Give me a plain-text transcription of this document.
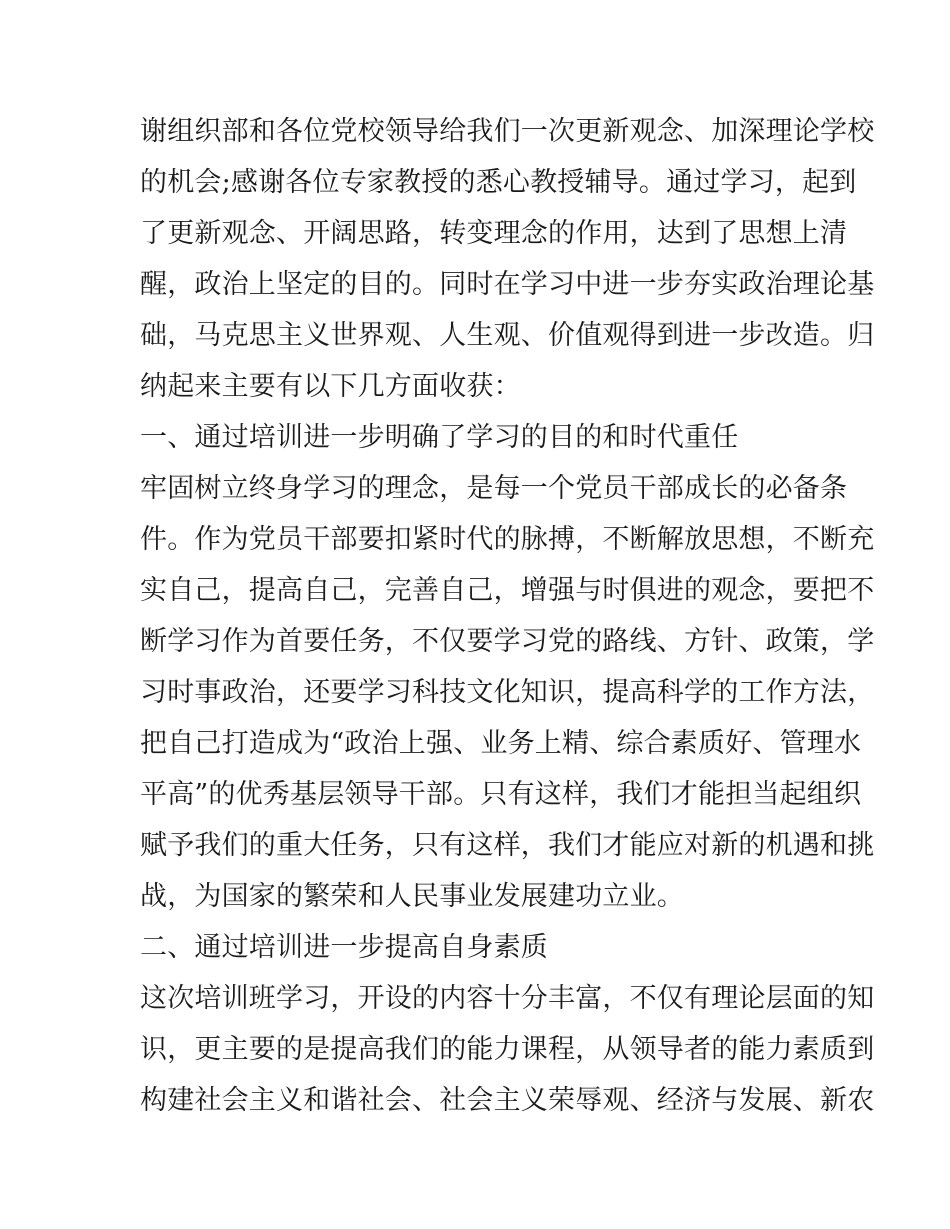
谢组织部和各位党校领导给我们一次更新观念、加深理论学校
的机会;感谢各位专家教授的悉心教授辅导。通过学习，起到
了更新观念、开阔思路，转变理念的作用，达到了思想上清
醒，政治上坚定的目的。同时在学习中进一步夯实政治理论基
础，马克思主义世界观、人生观、价值观得到进一步改造。归
纳起来主要有以下几方面收获：
一、通过培训进一步明确了学习的目的和时代重任
牢固树立终身学习的理念，是每一个党员干部成长的必备条
件。作为党员干部要扣紧时代的脉搏，不断解放思想，不断充
实自己，提高自己，完善自己，增强与时俱进的观念，要把不
断学习作为首要任务，不仅要学习党的路线、方针、政策，学
习时事政治，还要学习科技文化知识，提高科学的工作方法，
把自己打造成为“政治上强、业务上精、综合素质好、管理水
平高”的优秀基层领导干部。只有这样，我们才能担当起组织
赋予我们的重大任务，只有这样，我们才能应对新的机遇和挑
战，为国家的繁荣和人民事业发展建功立业。
二、通过培训进一步提高自身素质
这次培训班学习，开设的内容十分丰富，不仅有理论层面的知
识，更主要的是提高我们的能力课程，从领导者的能力素质到
构建社会主义和谐社会、社会主义荣辱观、经济与发展、新农
